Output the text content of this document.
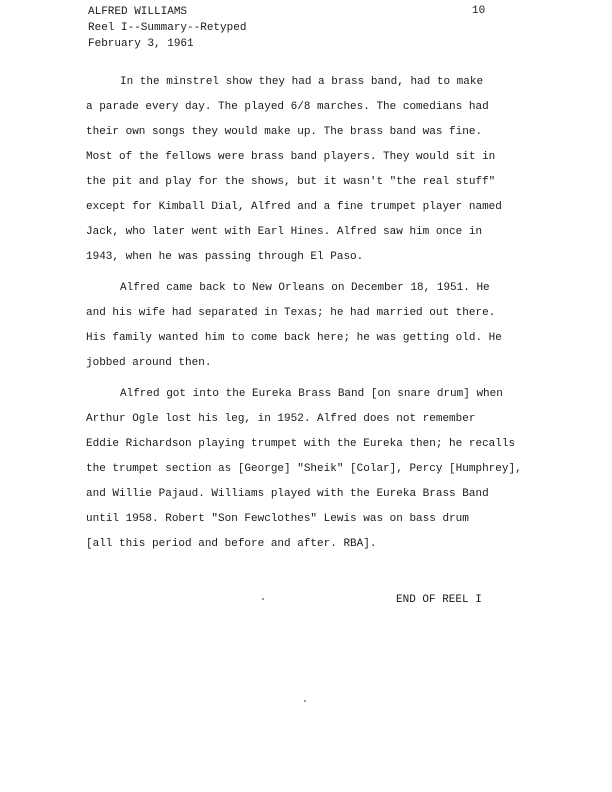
ALFRED WILLIAMS
Reel I--Summary--Retyped
February 3, 1961
10
In the minstrel show they had a brass band, had to make
a parade every day. The played 6/8 marches. The comedians had
their own songs they would make up. The brass band was fine.
Most of the fellows were brass band players. They would sit in
the pit and play for the shows, but it wasn't "the real stuff"
except for Kimball Dial, Alfred and a fine trumpet player named
Jack, who later went with Earl Hines. Alfred saw him once in
1943, when he was passing through El Paso.
Alfred came back to New Orleans on December 18, 1951. He
and his wife had separated in Texas; he had married out there.
His family wanted him to come back here; he was getting old. He
jobbed around then.
Alfred got into the Eureka Brass Band [on snare drum] when
Arthur Ogle lost his leg, in 1952. Alfred does not remember
Eddie Richardson playing trumpet with the Eureka then; he recalls
the trumpet section as [George] "Sheik" [Colar], Percy [Humphrey],
and Willie Pajaud. Williams played with the Eureka Brass Band
until 1958. Robert "Son Fewclothes" Lewis was on bass drum
[all this period and before and after. RBA].
END OF REEL I
